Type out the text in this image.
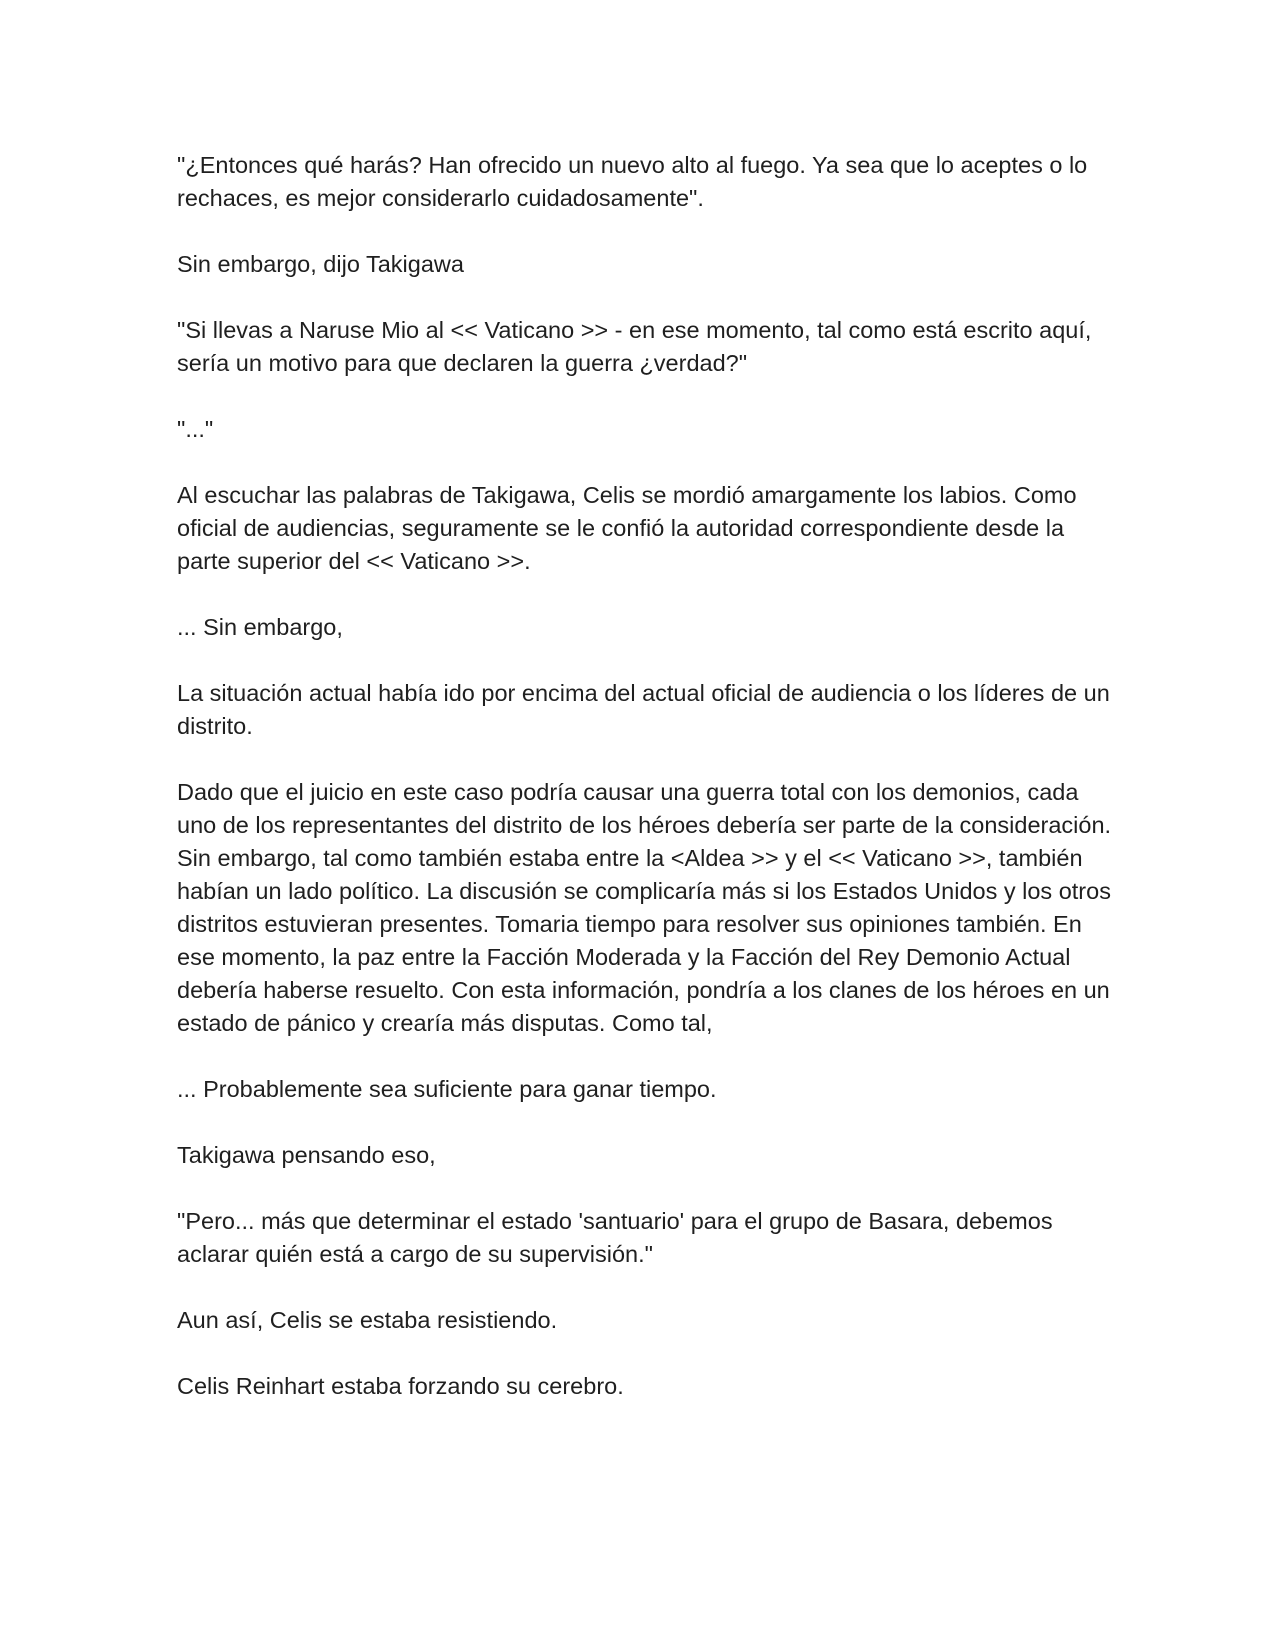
"¿Entonces qué harás? Han ofrecido un nuevo alto al fuego. Ya sea que lo aceptes o lo rechaces, es mejor considerarlo cuidadosamente".

Sin embargo, dijo Takigawa

"Si llevas a Naruse Mio al << Vaticano >> - en ese momento, tal como está escrito aquí, sería un motivo para que declaren la guerra ¿verdad?"

"..."

Al escuchar las palabras de Takigawa, Celis se mordió amargamente los labios. Como oficial de audiencias, seguramente se le confió la autoridad correspondiente desde la parte superior del << Vaticano >>.

... Sin embargo,

La situación actual había ido por encima del actual oficial de audiencia o los líderes de un distrito.

Dado que el juicio en este caso podría causar una guerra total con los demonios, cada uno de los representantes del distrito de los héroes debería ser parte de la consideración. Sin embargo, tal como también estaba entre la <Aldea >> y el << Vaticano >>, también habían un lado político. La discusión se complicaría más si los Estados Unidos y los otros distritos estuvieran presentes. Tomaria tiempo para resolver sus opiniones también. En ese momento, la paz entre la Facción Moderada y la Facción del Rey Demonio Actual debería haberse resuelto. Con esta información, pondría a los clanes de los héroes en un estado de pánico y crearía más disputas. Como tal,

... Probablemente sea suficiente para ganar tiempo.

Takigawa pensando eso,

"Pero... más que determinar el estado 'santuario' para el grupo de Basara, debemos aclarar quién está a cargo de su supervisión."

Aun así, Celis se estaba resistiendo.

Celis Reinhart estaba forzando su cerebro.
